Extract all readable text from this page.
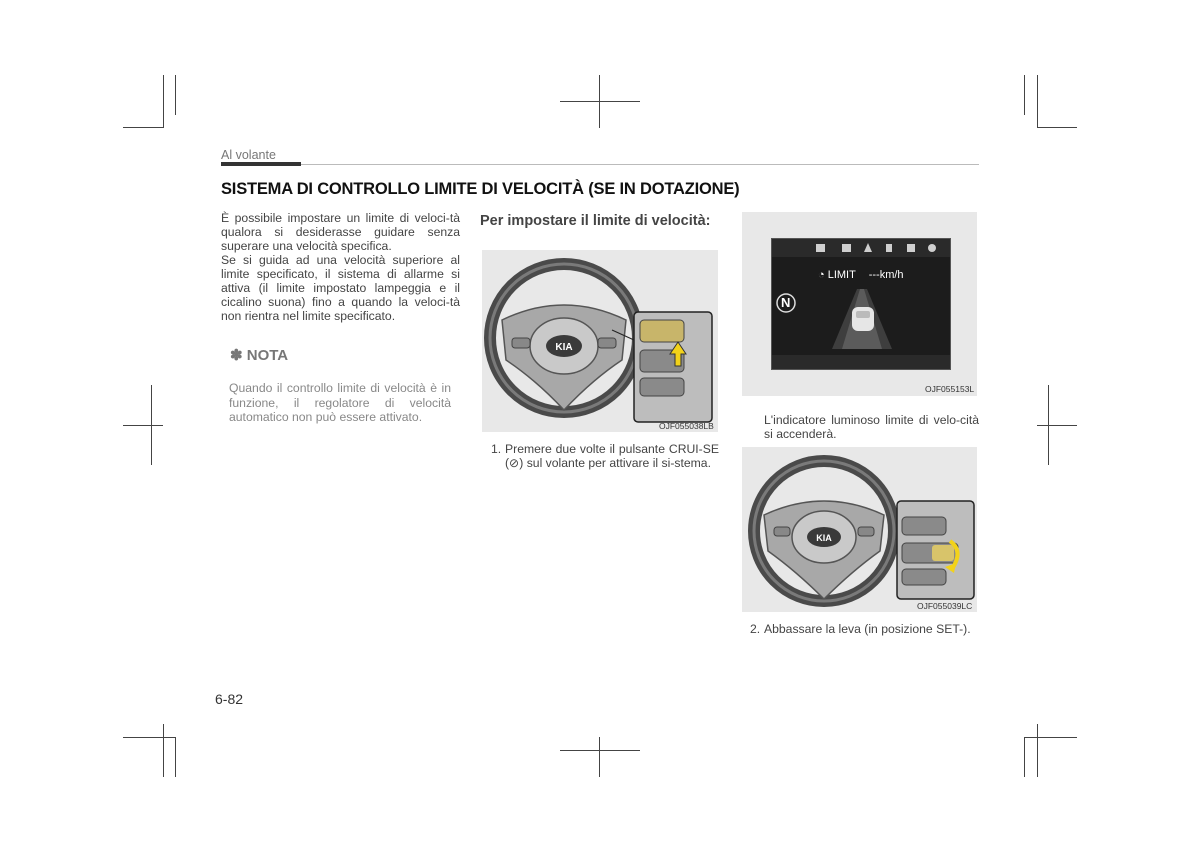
Al volante
SISTEMA DI CONTROLLO LIMITE DI VELOCITÀ (SE IN DOTAZIONE)

È possibile impostare un limite di veloci-tà qualora si desiderasse guidare senza superare una velocità specifica.

Se si guida ad una velocità superiore al limite specificato, il sistema di allarme si attiva (il limite impostato lampeggia e il cicalino suona) fino a quando la veloci-tà non rientra nel limite specificato.

✽ NOTA
Quando il controllo limite di velocità è in funzione, il regolatore di velocità automatico non può essere attivato.
Per impostare il limite di velocità:
KIA
OJF055038LB
1. Premere due volte il pulsante CRUI-SE (⊘) sul volante per attivare il si-stema.
N
◔ LIMIT ---km/h
OJF055153L
L'indicatore luminoso limite di velo-cità si accenderà.
KIA
OJF055039LC
2. Abbassare la leva (in posizione SET-).
6-82
